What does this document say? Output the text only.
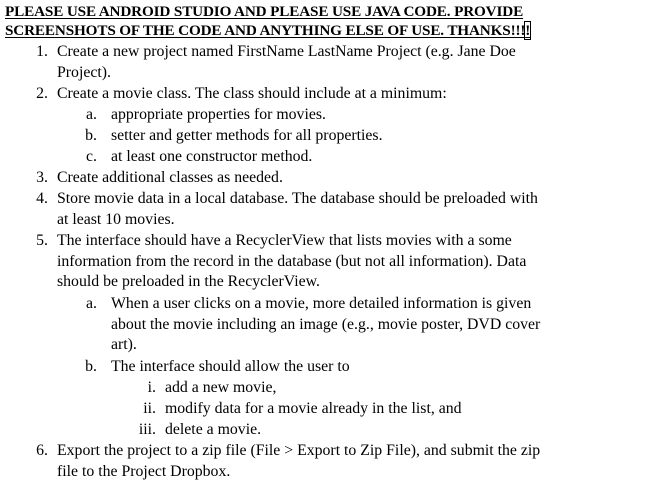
PLEASE USE ANDROID STUDIO AND PLEASE USE JAVA CODE. PROVIDE
SCREENSHOTS OF THE CODE AND ANYTHING ELSE OF USE. THANKS!!!!
1. Create a new project named FirstName LastName Project (e.g. Jane Doe
Project).
2. Create a movie class. The class should include at a minimum:
a. appropriate properties for movies.
b. setter and getter methods for all properties.
c. at least one constructor method.
3. Create additional classes as needed.
4. Store movie data in a local database. The database should be preloaded with
at least 10 movies.
5. The interface should have a RecyclerView that lists movies with a some
information from the record in the database (but not all information). Data
should be preloaded in the RecyclerView.
a. When a user clicks on a movie, more detailed information is given
about the movie including an image (e.g., movie poster, DVD cover
art).
b. The interface should allow the user to
i. add a new movie,
ii. modify data for a movie already in the list, and
iii. delete a movie.
6. Export the project to a zip file (File > Export to Zip File), and submit the zip
file to the Project Dropbox.
